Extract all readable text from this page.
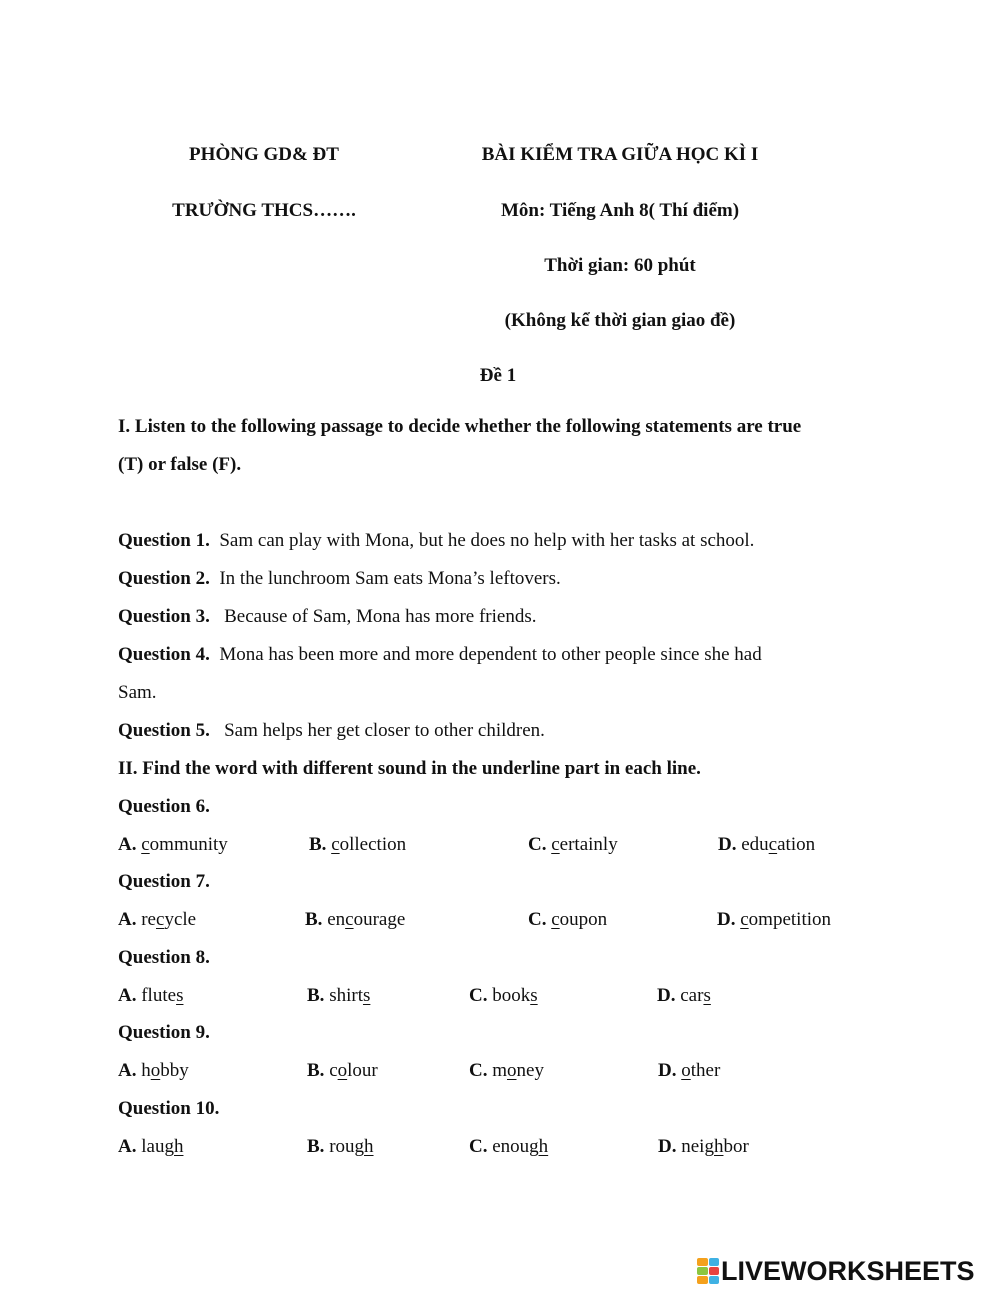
PHÒNG GD& ĐT
TRƯỜNG THCS…….
BÀI KIỂM TRA GIỮA HỌC KÌ I
Môn: Tiếng Anh 8( Thí điểm)
Thời gian: 60 phút
(Không kể thời gian giao đề)
Đề 1
I. Listen to the following passage to decide whether the following statements are true
(T) or false (F).
Question 1. Sam can play with Mona, but he does no help with her tasks at school.
Question 2. In the lunchroom Sam eats Mona’s leftovers.
Question 3. Because of Sam, Mona has more friends.
Question 4. Mona has been more and more dependent to other people since she had
Sam.
Question 5. Sam helps her get closer to other children.
II. Find the word with different sound in the underline part in each line.
Question 6.
A. community	B. collection	C. certainly	D. education
Question 7.
A. recycle	B. encourage	C. coupon	D. competition
Question 8.
A. flutes	B. shirts	C. books	D. cars
Question 9.
A. hobby	B. colour	C. money	D. other
Question 10.
A. laugh	B. rough	C. enough	D. neighbor
LIVEWORKSHEETS
